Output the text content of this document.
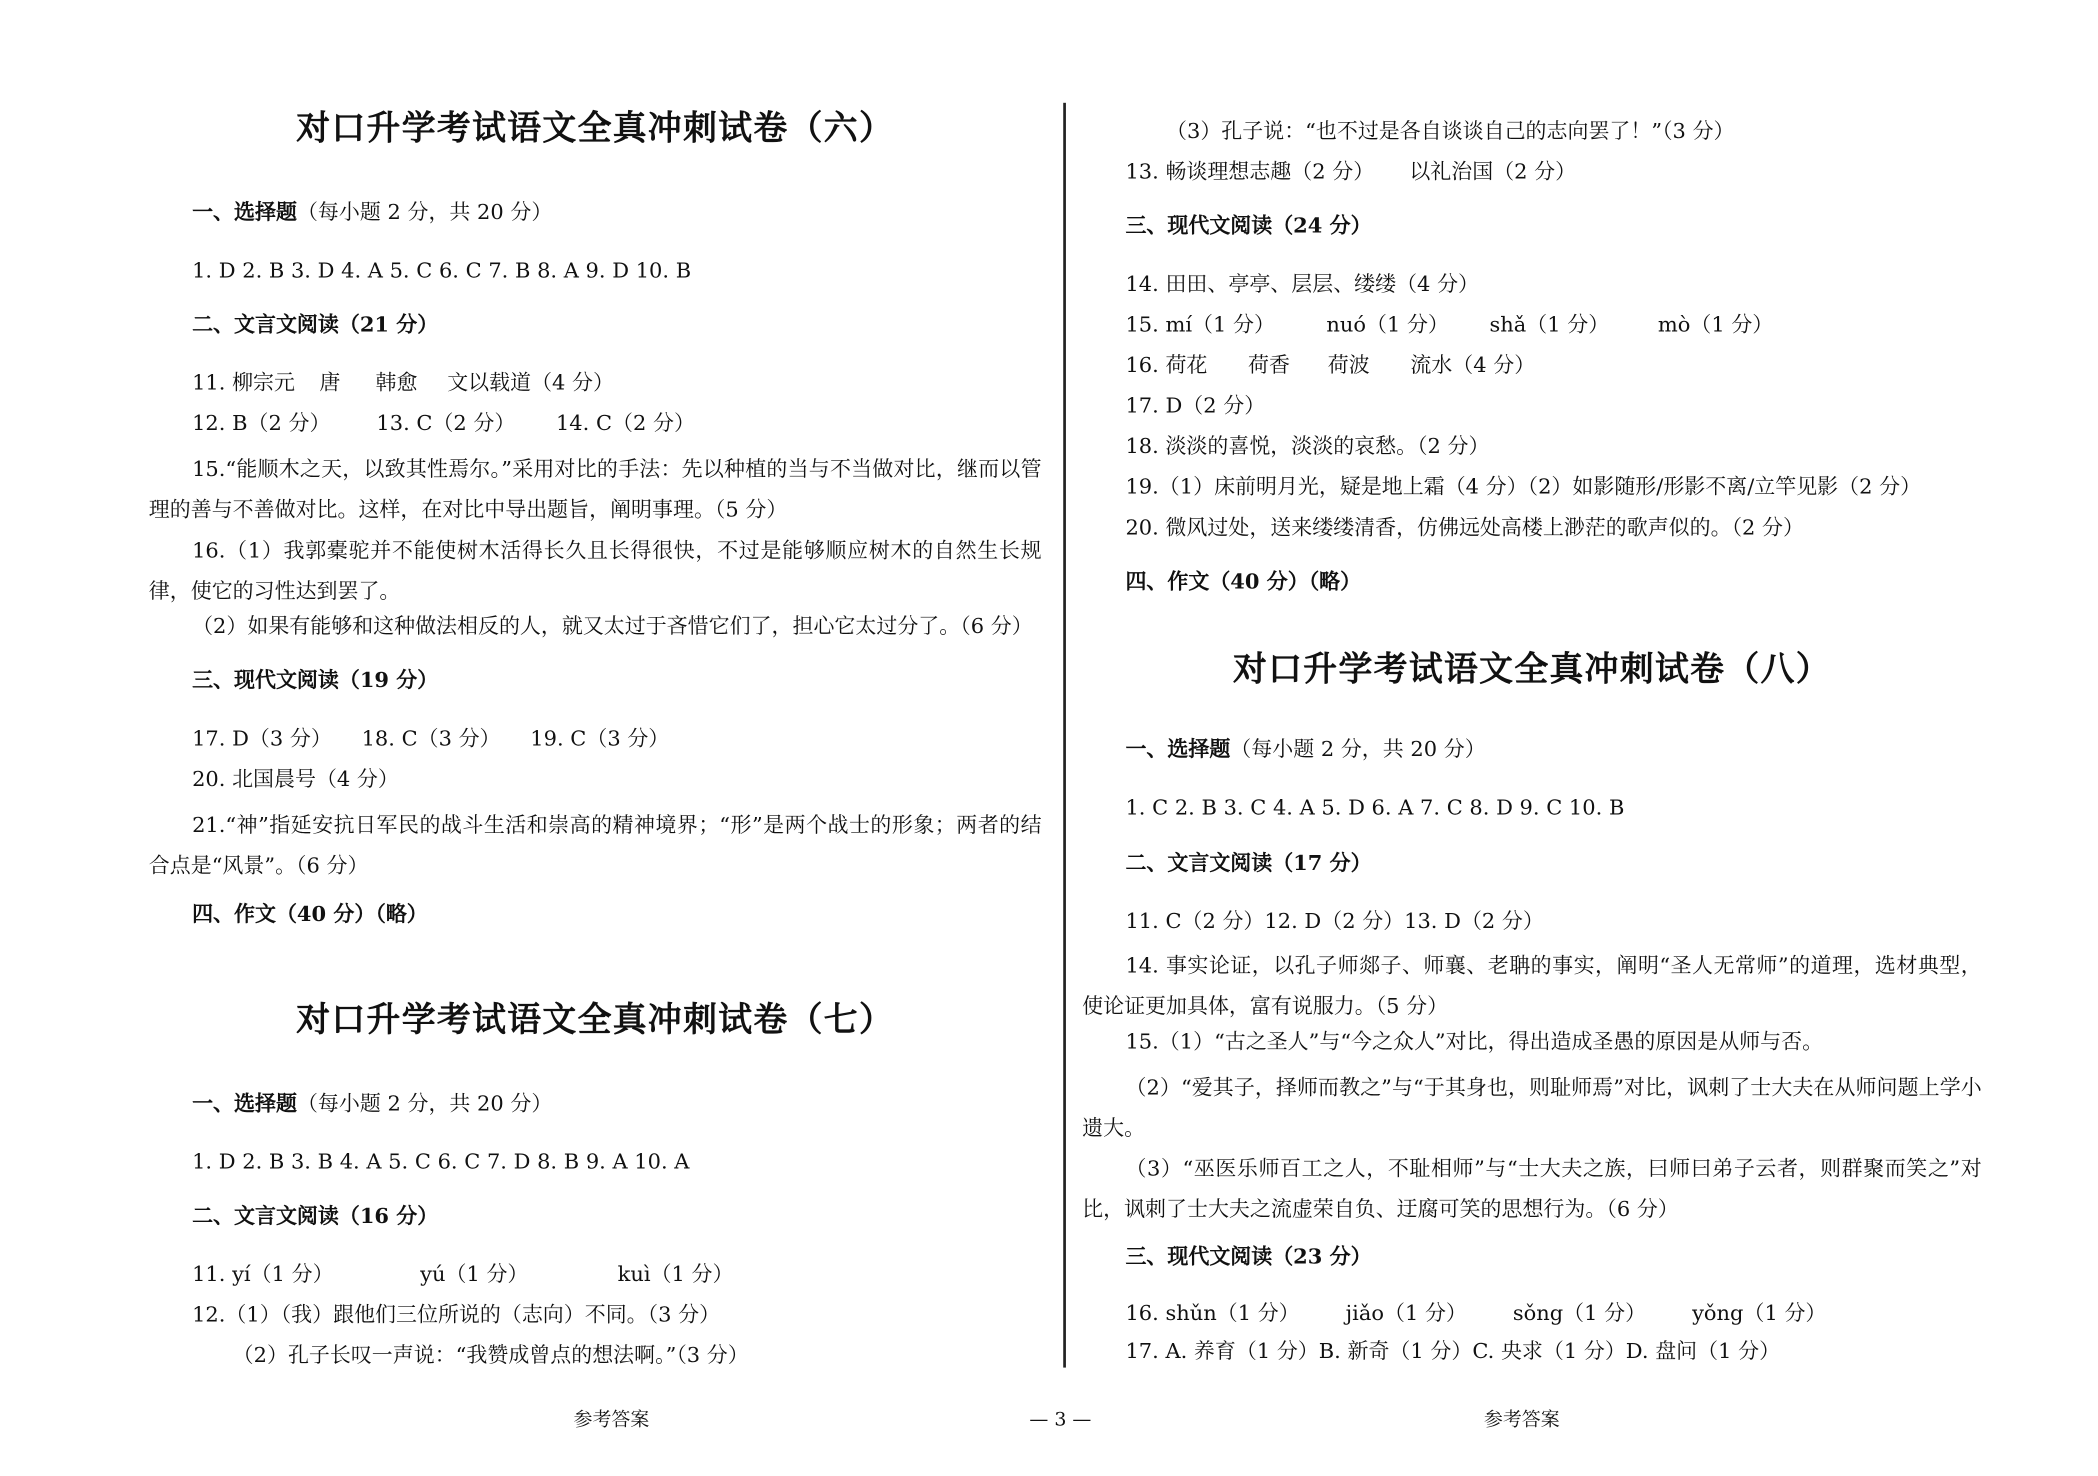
对口升学考试语文全真冲刺试卷（六）
一、选择题（每小题 2 分，共 20 分）
1. D 2. B 3. D 4. A 5. C 6. C 7. B 8. A 9. D 10. B
二、文言文阅读（21 分）
11. 柳宗元 唐 韩愈 文以载道（4 分）
12. B（2 分）	13. C（2 分）	14. C（2 分）
15.“能顺木之天，以致其性焉尔。”采用对比的手法：先以种植的当与不当做对比，继而以管理的善与不善做对比。这样，在对比中导出题旨，阐明事理。（5 分）
16.（1）我郭橐驼并不能使树木活得长久且长得很快，不过是能够顺应树木的自然生长规律，使它的习性达到罢了。
（2）如果有能够和这种做法相反的人，就又太过于吝惜它们了，担心它太过分了。（6 分）
三、现代文阅读（19 分）
17. D（3 分） 18. C（3 分） 19. C（3 分）
20. 北国晨号（4 分）
21.“神”指延安抗日军民的战斗生活和崇高的精神境界；“形”是两个战士的形象；两者的结合点是“风景”。（6 分）
四、作文（40 分）（略）
对口升学考试语文全真冲刺试卷（七）
一、选择题（每小题 2 分，共 20 分）
1. D 2. B 3. B 4. A 5. C 6. C 7. D 8. B 9. A 10. A
二、文言文阅读（16 分）
11. yí（1 分）	yú（1 分）	kuì（1 分）
12.（1）（我）跟他们三位所说的（志向）不同。（3 分）
（2）孔子长叹一声说：“我赞成曾点的想法啊。”（3 分）
（3）孔子说：“也不过是各自谈谈自己的志向罢了！”（3 分）
13. 畅谈理想志趣（2 分） 以礼治国（2 分）
三、现代文阅读（24 分）
14. 田田、亭亭、层层、缕缕（4 分）
15. mí（1 分）	nuó（1 分）	shǎ（1 分）	mò（1 分）
16. 荷花	荷香 荷波	流水（4 分）
17. D（2 分）
18. 淡淡的喜悦，淡淡的哀愁。（2 分）
19.（1）床前明月光，疑是地上霜（4 分）（2）如影随形/形影不离/立竿见影（2 分）
20. 微风过处，送来缕缕清香，仿佛远处高楼上渺茫的歌声似的。（2 分）
四、作文（40 分）（略）
对口升学考试语文全真冲刺试卷（八）
一、选择题（每小题 2 分，共 20 分）
1. C 2. B 3. C 4. A 5. D 6. A 7. C 8. D 9. C 10. B
二、文言文阅读（17 分）
11. C（2 分）12. D（2 分）13. D（2 分）
14. 事实论证，以孔子师郯子、师襄、老聃的事实，阐明“圣人无常师”的道理，选材典型，使论证更加具体，富有说服力。（5 分）
15.（1）“古之圣人”与“今之众人”对比，得出造成圣愚的原因是从师与否。
（2）“爱其子，择师而教之”与“于其身也，则耻师焉”对比，讽刺了士大夫在从师问题上学小遗大。
（3）“巫医乐师百工之人，不耻相师”与“士大夫之族，曰师曰弟子云者，则群聚而笑之”对比，讽刺了士大夫之流虚荣自负、迂腐可笑的思想行为。（6 分）
三、现代文阅读（23 分）
16. shǔn（1 分）	jiǎo（1 分）	sǒng（1 分）	yǒng（1 分）
17. A. 养育（1 分）B. 新奇（1 分）C. 央求（1 分）D. 盘问（1 分）
参考答案	— 3 —	参考答案
